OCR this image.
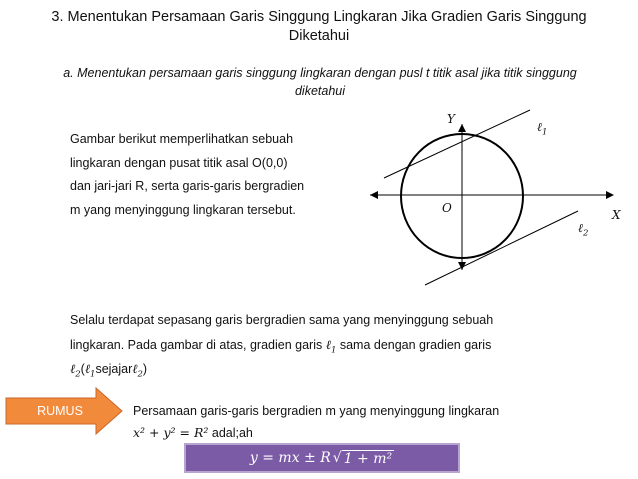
3. Menentukan Persamaan Garis Singgung Lingkaran Jika Gradien Garis Singgung
Diketahui
a. Menentukan persamaan garis singgung lingkaran dengan pusl t titik asal jika titik singgung
diketahui
Gambar berikut memperlihatkan sebuah
lingkaran dengan pusat titik asal O(0,0)
dan jari-jari R, serta garis-garis bergradien
m yang menyinggung lingkaran tersebut.
Y
X
O
ℓ$_1$
ℓ$_2$
Selalu terdapat sepasang garis bergradien sama yang menyinggung sebuah
lingkaran. Pada gambar di atas, gradien garis ℓ$_1$ sama dengan gradien garis
ℓ$_2$(ℓ$_1$sejajarℓ$_2$)
RUMUS	Persamaan garis-garis bergradien m yang menyinggung lingkaran
x² + y² = R² adal;ah
y = mx ± R √ 1 + m²
